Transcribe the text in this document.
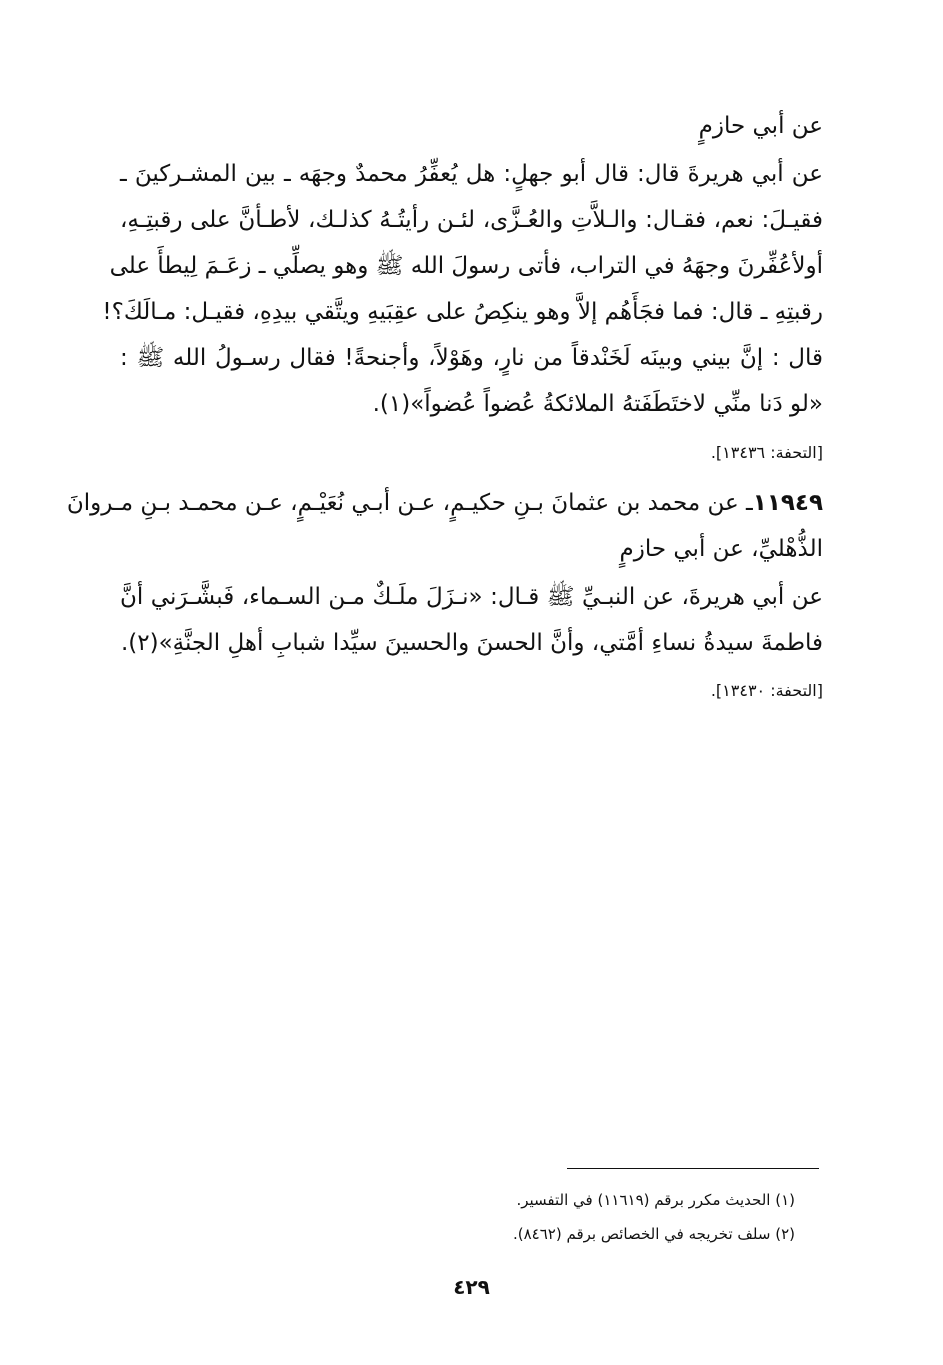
عن أبي حازمٍ
عن أبي هريرةَ قال: قال أبو جهلٍ: هل يُعفِّرُ محمدٌ وجهَه ـ بين المشـركينَ ـ
فقيـلَ: نعم، فقـال: والـلاَّتِ والعُـزَّى، لئـن رأيتُـهُ كذلـك، لأطـأنَّ على رقبتِـهِ،
أولأعُفِّرنَ وجهَهُ في التراب، فأتى رسولَ الله ﷺ وهو يصلِّي ـ زعَـمَ لِيطأَ على
رقبتِهِ ـ قال: فما فجَأَهُم إلاَّ وهو ينكِصُ على عقِبَيهِ ويتَّقي بيدِهِ، فقيـل: مـالَكَ؟!
قال : إنَّ بيني وبينَه لَخَنْدقاً من نارٍ، وهَوْلاً، وأجنحةً! فقال رسـولُ الله ﷺ :
«لو دَنا منِّي لاختَطَفَتهُ الملائكةُ عُضواً عُضواً»(١).
[التحفة: ١٣٤٣٦].
١١٩٤٩ـ عن محمد بن عثمانَ بـنِ حكيـمٍ، عـن أبـي نُعَيْـمٍ، عـن محمـد بـنِ مـروانَ
الذُّهْليِّ، عن أبي حازمٍ
عن أبي هريرةَ، عن النبـيِّ ﷺ قـال: «نـزَلَ ملَـكٌ مـن السـماء، فَبشَّـرَني أنَّ
فاطمةَ سيدةُ نساءِ أمَّتي، وأنَّ الحسنَ والحسينَ سيِّدا شبابِ أهلِ الجنَّةِ»(٢).
[التحفة: ١٣٤٣٠].
(١) الحديث مكرر برقم (١١٦١٩) في التفسير.
(٢) سلف تخريجه في الخصائص برقم (٨٤٦٢).
٤٢٩
